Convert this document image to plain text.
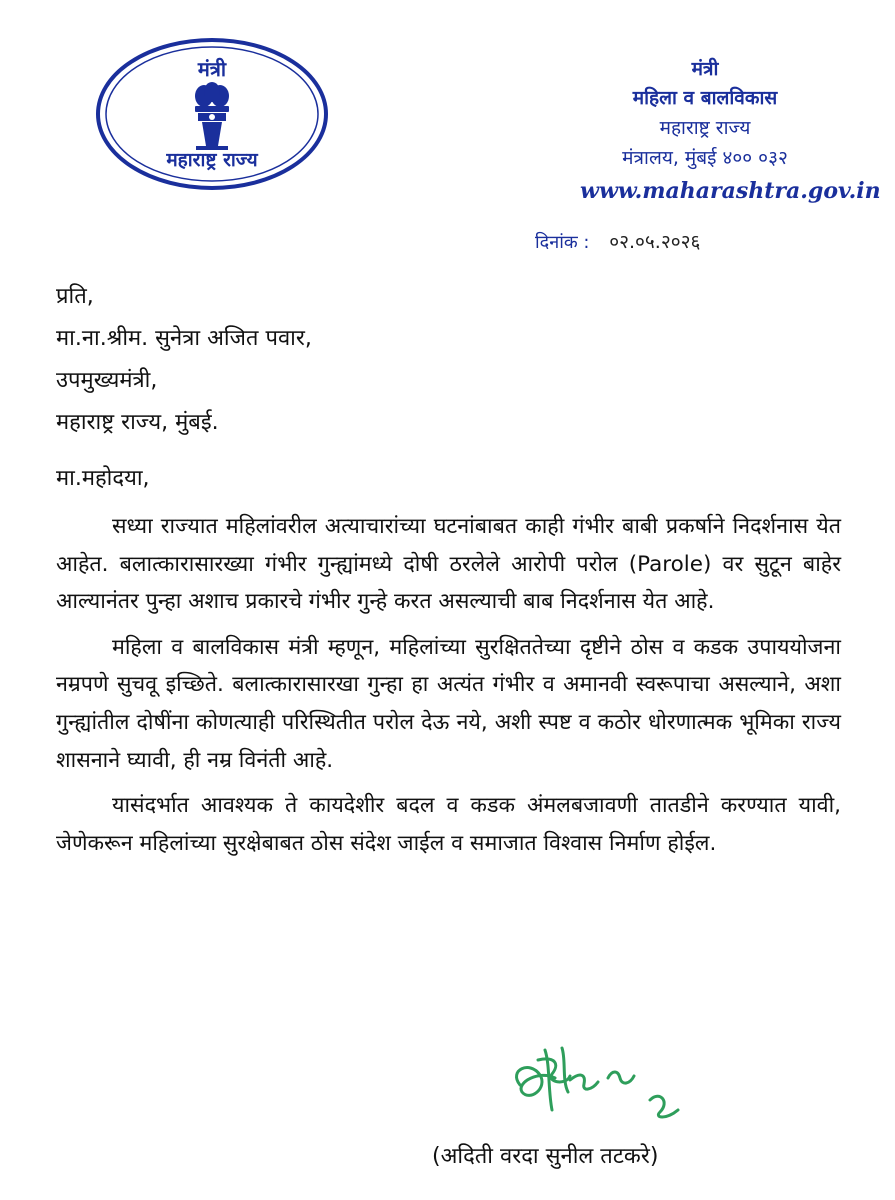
मंत्री
महाराष्ट्र राज्य
मंत्री
महिला व बालविकास
महाराष्ट्र राज्य
मंत्रालय, मुंबई ४०० ०३२
www.maharashtra.gov.in
दिनांक : ०२.०५.२०२६
प्रति,
मा.ना.श्रीम. सुनेत्रा अजित पवार,
उपमुख्यमंत्री,
महाराष्ट्र राज्य, मुंबई.
मा.महोदया,

सध्या राज्यात महिलांवरील अत्याचारांच्या घटनांबाबत काही गंभीर बाबी प्रकर्षाने निदर्शनास येत आहेत. बलात्कारासारख्या गंभीर गुन्ह्यांमध्ये दोषी ठरलेले आरोपी परोल (Parole) वर सुटून बाहेर आल्यानंतर पुन्हा अशाच प्रकारचे गंभीर गुन्हे करत असल्याची बाब निदर्शनास येत आहे.

महिला व बालविकास मंत्री म्हणून, महिलांच्या सुरक्षिततेच्या दृष्टीने ठोस व कडक उपाययोजना नम्रपणे सुचवू इच्छिते. बलात्कारासारखा गुन्हा हा अत्यंत गंभीर व अमानवी स्वरूपाचा असल्याने, अशा गुन्ह्यांतील दोषींना कोणत्याही परिस्थितीत परोल देऊ नये, अशी स्पष्ट व कठोर धोरणात्मक भूमिका राज्य शासनाने घ्यावी, ही नम्र विनंती आहे.

यासंदर्भात आवश्यक ते कायदेशीर बदल व कडक अंमलबजावणी तातडीने करण्यात यावी, जेणेकरून महिलांच्या सुरक्षेबाबत ठोस संदेश जाईल व समाजात विश्वास निर्माण होईल.

(अदिती वरदा सुनील तटकरे)
